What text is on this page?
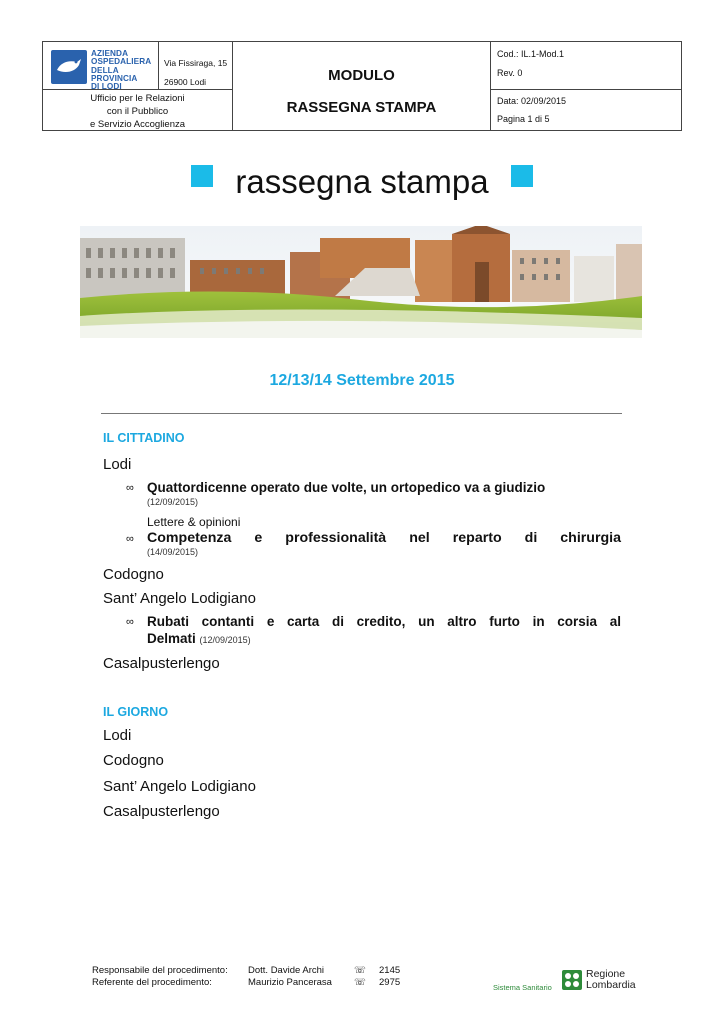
AZIENDA
OSPEDALIERA
DELLA
PROVINCIA
DI LODI
Via Fissiraga, 15
26900 Lodi
Ufficio per le Relazioni
con il Pubblico
e Servizio Accoglienza
MODULO
RASSEGNA STAMPA
Cod.: IL.1-Mod.1
Rev. 0
Data: 02/09/2015
Pagina 1 di 5
rassegna stampa
12/13/14 Settembre 2015
IL CITTADINO
Lodi
∞ Quattordicenne operato due volte, un ortopedico va a giudizio
(12/09/2015)
Lettere & opinioni
∞ Competenza e professionalità nel reparto di chirurgia
(14/09/2015)
Codogno
Sant’ Angelo Lodigiano
∞ Rubati contanti e carta di credito, un altro furto in corsia al
Delmati (12/09/2015)
Casalpusterlengo
IL GIORNO
Lodi
Codogno
Sant’ Angelo Lodigiano
Casalpusterlengo
Responsabile del procedimento:
Referente del procedimento:
Dott. Davide Archi
Maurizio Pancerasa
☏
☏
2145
2975	Sistema Sanitario
Regione
Lombardia
